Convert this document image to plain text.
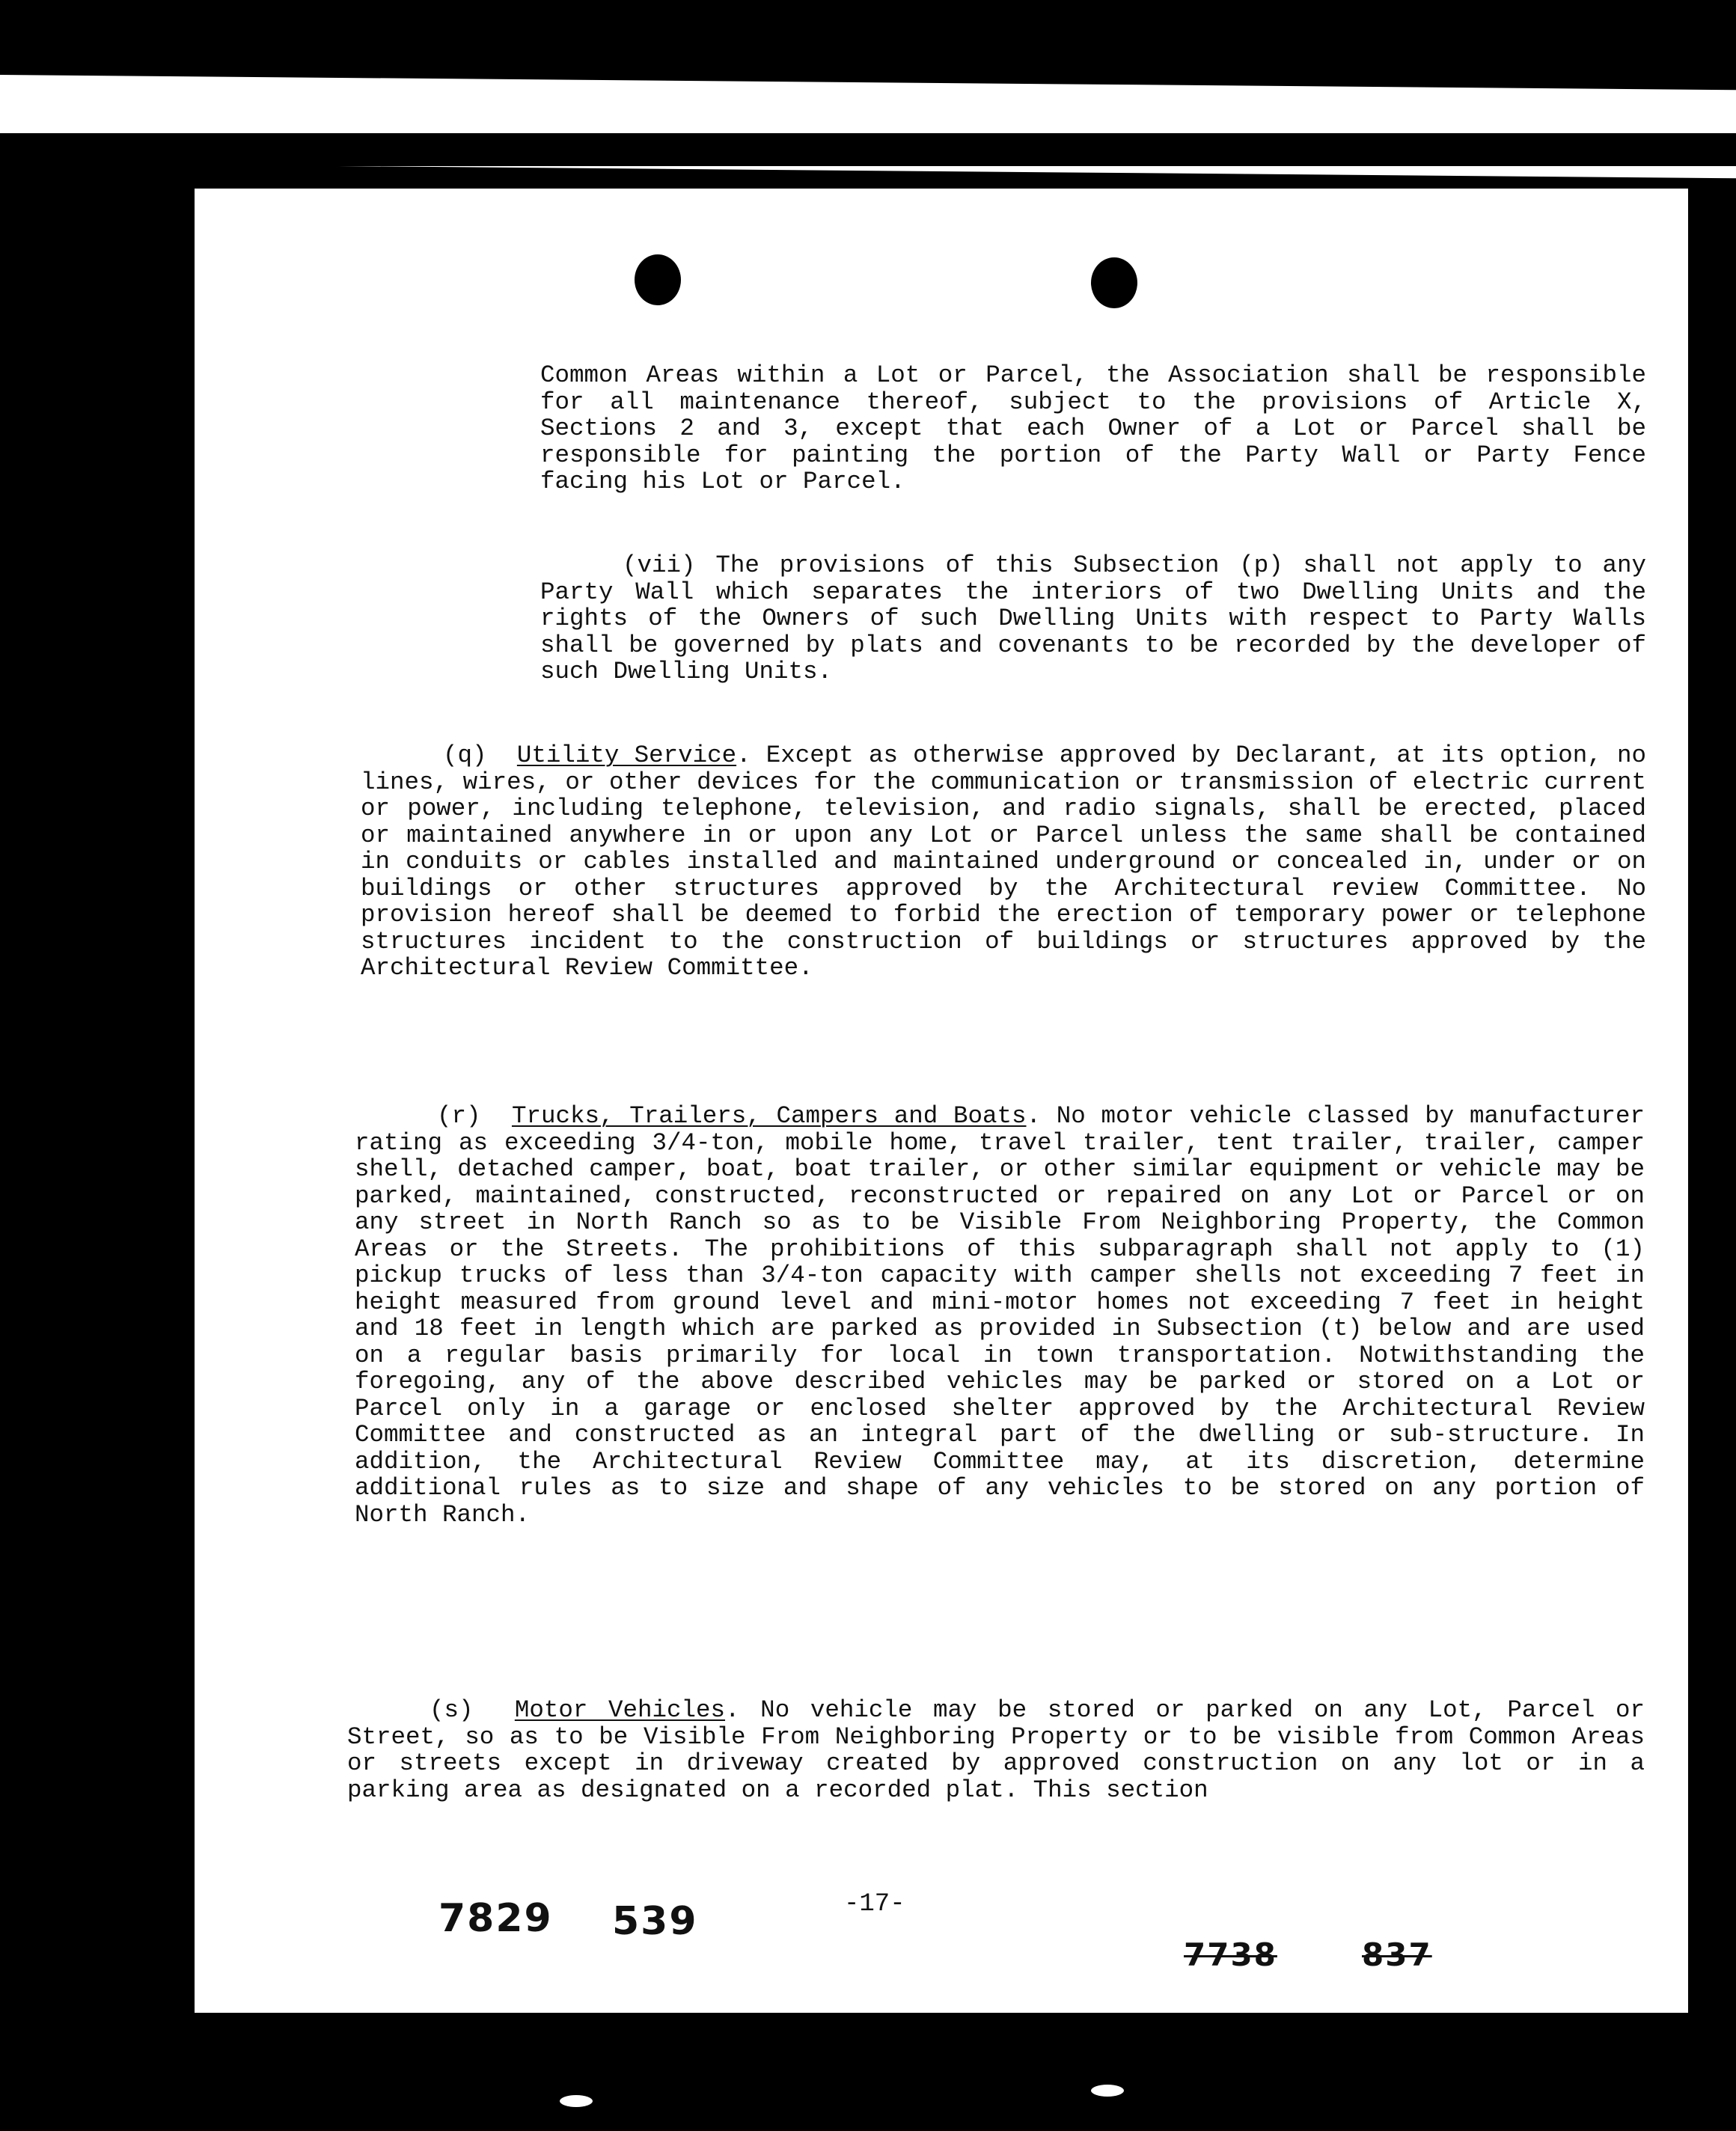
Common Areas within a Lot or Parcel, the Association shall be responsible for all maintenance thereof, subject to the provisions of Article X, Sections 2 and 3, except that each Owner of a Lot or Parcel shall be responsible for painting the portion of the Party Wall or Party Fence facing his Lot or Parcel.

(vii) The provisions of this Subsection (p) shall not apply to any Party Wall which separates the interiors of two Dwelling Units and the rights of the Owners of such Dwelling Units with respect to Party Walls shall be governed by plats and covenants to be recorded by the developer of such Dwelling Units.

(q) Utility Service. Except as otherwise approved by Declarant, at its option, no lines, wires, or other devices for the communication or transmission of electric current or power, including telephone, television, and radio signals, shall be erected, placed or maintained anywhere in or upon any Lot or Parcel unless the same shall be contained in conduits or cables installed and maintained underground or concealed in, under or on buildings or other structures approved by the Architectural review Committee. No provision hereof shall be deemed to forbid the erection of temporary power or telephone structures incident to the construction of buildings or structures approved by the Architectural Review Committee.

(r) Trucks, Trailers, Campers and Boats. No motor vehicle classed by manufacturer rating as exceeding 3/4-ton, mobile home, travel trailer, tent trailer, trailer, camper shell, detached camper, boat, boat trailer, or other similar equipment or vehicle may be parked, maintained, constructed, reconstructed or repaired on any Lot or Parcel or on any street in North Ranch so as to be Visible From Neighboring Property, the Common Areas or the Streets. The prohibitions of this subparagraph shall not apply to (1) pickup trucks of less than 3/4-ton capacity with camper shells not exceeding 7 feet in height measured from ground level and mini-motor homes not exceeding 7 feet in height and 18 feet in length which are parked as provided in Subsection (t) below and are used on a regular basis primarily for local in town transportation. Notwithstanding the foregoing, any of the above described vehicles may be parked or stored on a Lot or Parcel only in a garage or enclosed shelter approved by the Architectural Review Committee and constructed as an integral part of the dwelling or sub-structure. In addition, the Architectural Review Committee may, at its discretion, determine additional rules as to size and shape of any vehicles to be stored on any portion of North Ranch.

(s) Motor Vehicles. No vehicle may be stored or parked on any Lot, Parcel or Street, so as to be Visible From Neighboring Property or to be visible from Common Areas or streets except in driveway created by approved construction on any lot or in a parking area as designated on a recorded plat. This section

7829 539	-17-
7738	837
